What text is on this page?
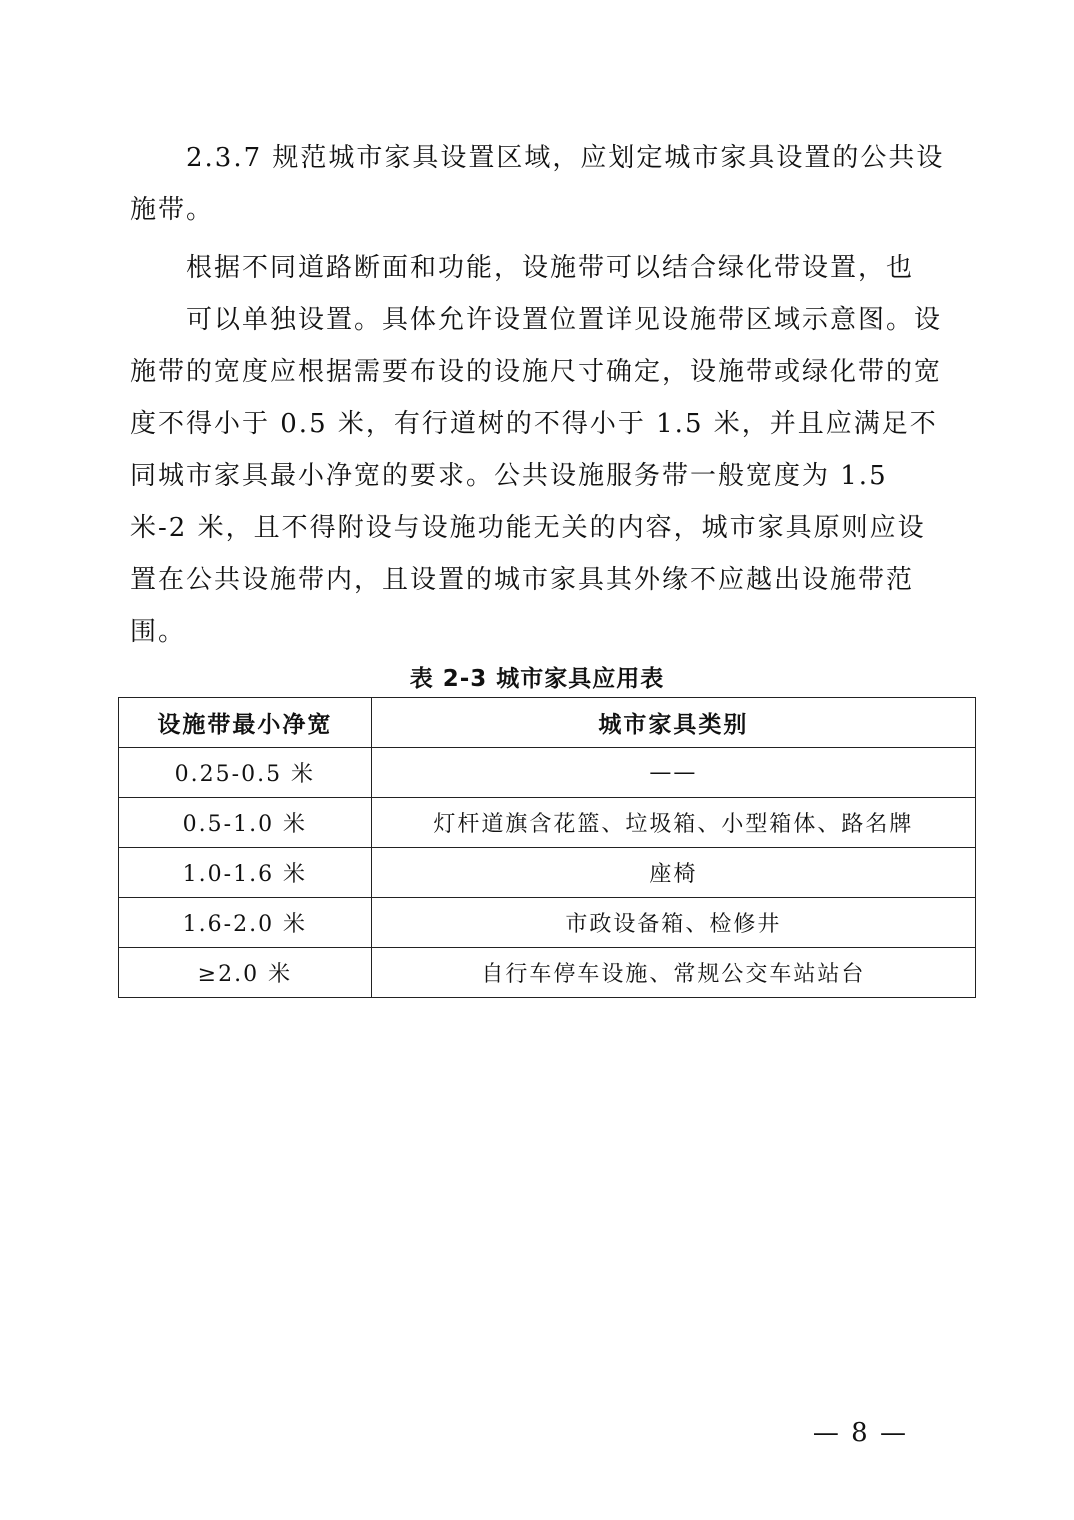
2.3.7 规范城市家具设置区域，应划定城市家具设置的公共设施带。

根据不同道路断面和功能，设施带可以结合绿化带设置，也

可以单独设置。具体允许设置位置详见设施带区域示意图。设施带的宽度应根据需要布设的设施尺寸确定，设施带或绿化带的宽度不得小于 0.5 米，有行道树的不得小于 1.5 米，并且应满足不同城市家具最小净宽的要求。公共设施服务带一般宽度为 1.5 米-2 米，且不得附设与设施功能无关的内容，城市家具原则应设置在公共设施带内，且设置的城市家具其外缘不应越出设施带范围。

表 2-3 城市家具应用表
设施带最小净宽	城市家具类别
0.25-0.5 米	——
0.5-1.0 米	灯杆道旗含花篮、垃圾箱、小型箱体、路名牌
1.0-1.6 米	座椅
1.6-2.0 米	市政设备箱、检修井
≥2.0 米	自行车停车设施、常规公交车站站台
— 8 —
